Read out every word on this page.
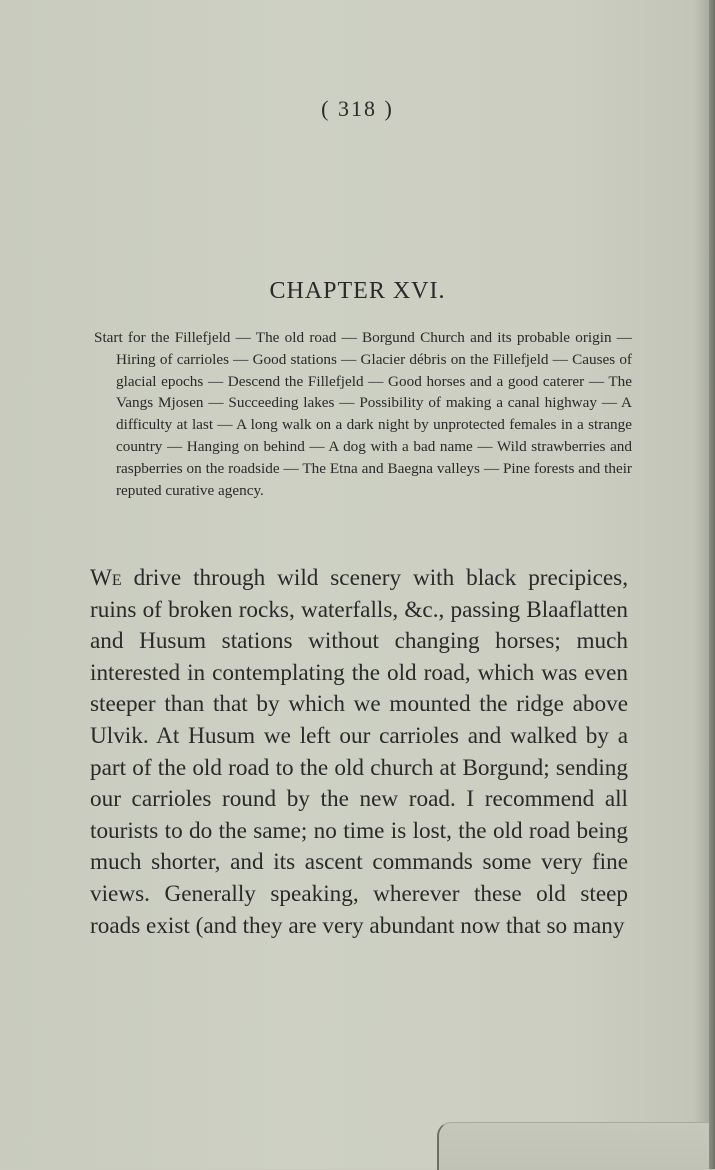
( 318 )
CHAPTER XVI.
Start for the Fillefjeld — The old road — Borgund Church and its probable origin — Hiring of carrioles — Good stations — Glacier débris on the Fillefjeld — Causes of glacial epochs — Descend the Fillefjeld — Good horses and a good caterer — The Vangs Mjosen — Succeeding lakes — Possibility of making a canal highway — A difficulty at last — A long walk on a dark night by unprotected females in a strange country — Hanging on behind — A dog with a bad name — Wild strawberries and raspberries on the roadside — The Etna and Baegna valleys — Pine forests and their reputed curative agency.

We drive through wild scenery with black precipices, ruins of broken rocks, waterfalls, &c., passing Blaaflatten and Husum stations without changing horses; much interested in contemplating the old road, which was even steeper than that by which we mounted the ridge above Ulvik. At Husum we left our carrioles and walked by a part of the old road to the old church at Borgund; sending our carrioles round by the new road. I recommend all tourists to do the same; no time is lost, the old road being much shorter, and its ascent commands some very fine views. Generally speaking, wherever these old steep roads exist (and they are very abundant now that so many
